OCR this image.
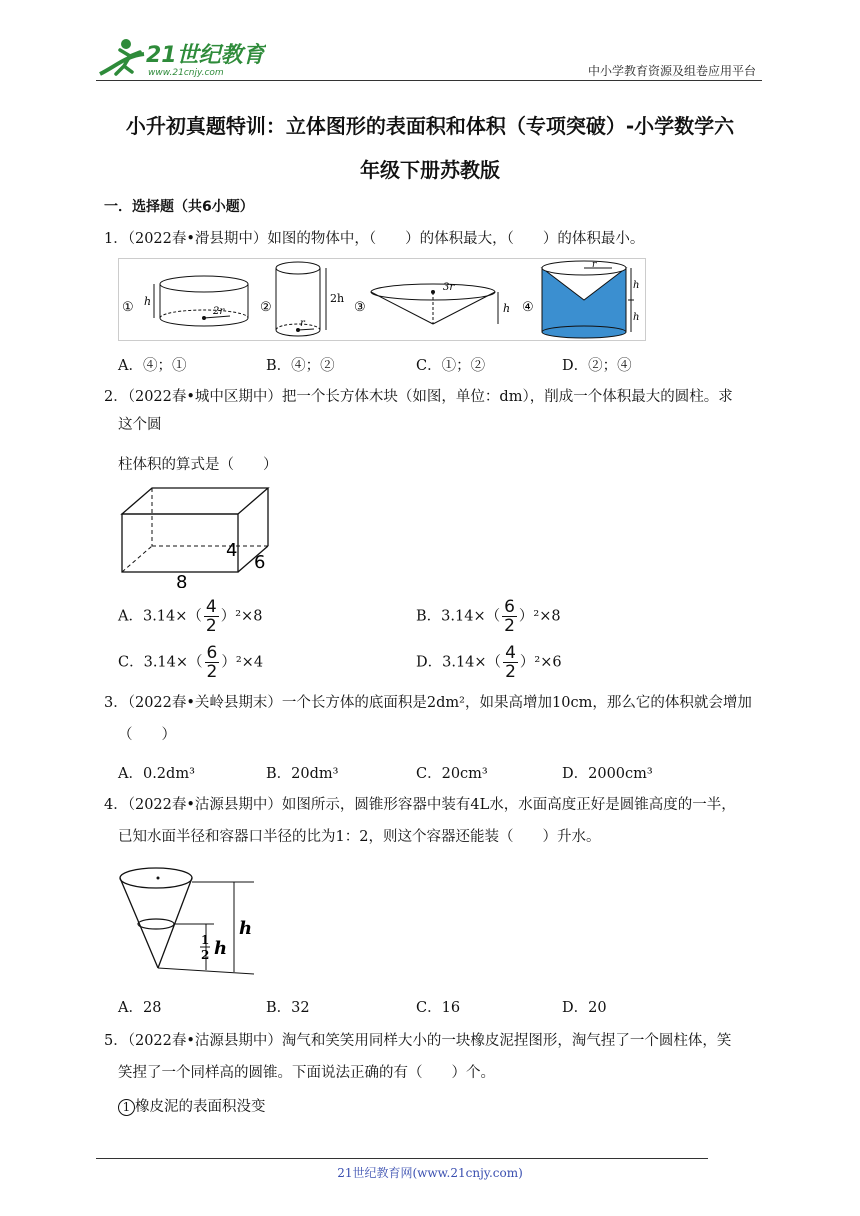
21世纪教育
www.21cnjy.com	中小学教育资源及组卷应用平台
小升初真题特训：立体图形的表面积和体积（专项突破）-小学数学六
年级下册苏教版
一．选择题（共6小题）
1．（2022春•滑县期中）如图的物体中，（　　）的体积最大，（　　）的体积最小。
①	2r
h	②
r
2h
③
3r
h ④
r
h
h
A．④；①	B．④；②	C．①；②	D．②；④
2．（2022春•城中区期中）把一个长方体木块（如图，单位：dm），削成一个体积最大的圆柱。求
这个圆
柱体积的算式是（　　）
4
6
8
A．$3.14\times( \frac{4}{2} )^2\times 8$	B．$3.14\times( \frac{6}{2} )^2\times 8$
C．$3.14\times( \frac{6}{2} )^2\times 4$	D．$3.14\times( \frac{4}{2} )^2\times 6$
3．（2022春•关岭县期末）一个长方体的底面积是2dm²，如果高增加10cm，那么它的体积就会增加
（　　）
A．0.2dm³	B．20dm³	C．20cm³	D．2000cm³
4．（2022春•沽源县期中）如图所示，圆锥形容器中装有4L水，水面高度正好是圆锥高度的一半，
已知水面半径和容器口半径的比为1：2，则这个容器还能装（　　）升水。
h
1
2 h
A．28	B．32	C．16	D．20
5．（2022春•沽源县期中）淘气和笑笑用同样大小的一块橡皮泥捏图形，淘气捏了一个圆柱体，笑
笑捏了一个同样高的圆锥。下面说法正确的有（　　）个。
1 橡皮泥的表面积没变
21世纪教育网(www.21cnjy.com)
